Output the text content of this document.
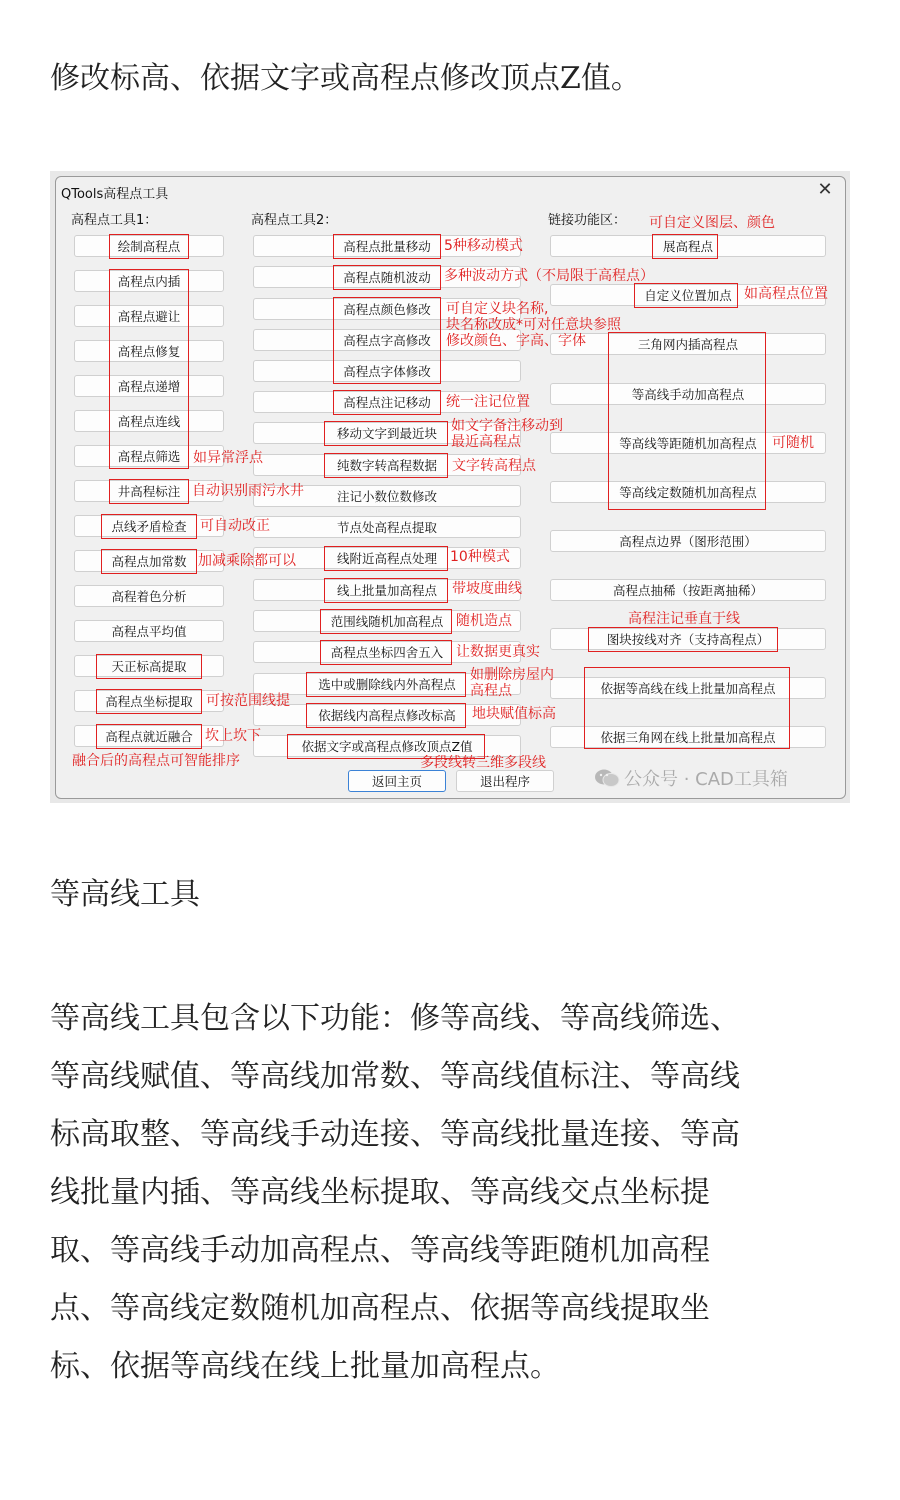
修改标高、依据文字或高程点修改顶点Z值。

QTools高程点工具	✕
高程点工具1：	高程点工具2：	链接功能区：
绘制高程点
高程点内插
高程点避让
高程点修复
高程点递增
高程点连线
高程点筛选
井高程标注
点线矛盾检查
高程点加常数
高程着色分析
高程点平均值
天正标高提取
高程点坐标提取
高程点就近融合
高程点批量移动
高程点随机波动
高程点颜色修改
高程点字高修改
高程点字体修改
高程点注记移动
移动文字到最近块
纯数字转高程数据
注记小数位数修改
节点处高程点提取
线附近高程点处理
线上批量加高程点
范围线随机加高程点
高程点坐标四舍五入
选中或删除线内外高程点
依据线内高程点修改标高
依据文字或高程点修改顶点Z值
展高程点
自定义位置加点
三角网内插高程点
等高线手动加高程点
等高线等距随机加高程点
等高线定数随机加高程点
高程点边界（图形范围）
高程点抽稀（按距离抽稀）
图块按线对齐（支持高程点）
依据等高线在线上批量加高程点
依据三角网在线上批量加高程点
返回主页	退出程序
可自定义图层、颜色
5种移动模式
多种波动方式（不局限于高程点）
如高程点位置
可自定义块名称,
块名称改成*可对任意块参照
修改颜色、字高、字体
统一注记位置
如文字备注移动到
最近高程点	可随机
如异常浮点	文字转高程点
自动识别雨污水井
可自动改正
加减乘除都可以	10种模式
带坡度曲线
随机造点	高程注记垂直于线
让数据更真实
如删除房屋内
高程点
可按范围线提
地块赋值标高
坎上坎下
融合后的高程点可智能排序	多段线转三维多段线
公众号 · CAD工具箱

等高线工具

等高线工具包含以下功能：修等高线、等高线筛选、
等高线赋值、等高线加常数、等高线值标注、等高线
标高取整、等高线手动连接、等高线批量连接、等高
线批量内插、等高线坐标提取、等高线交点坐标提
取、等高线手动加高程点、等高线等距随机加高程
点、等高线定数随机加高程点、依据等高线提取坐
标、依据等高线在线上批量加高程点。
